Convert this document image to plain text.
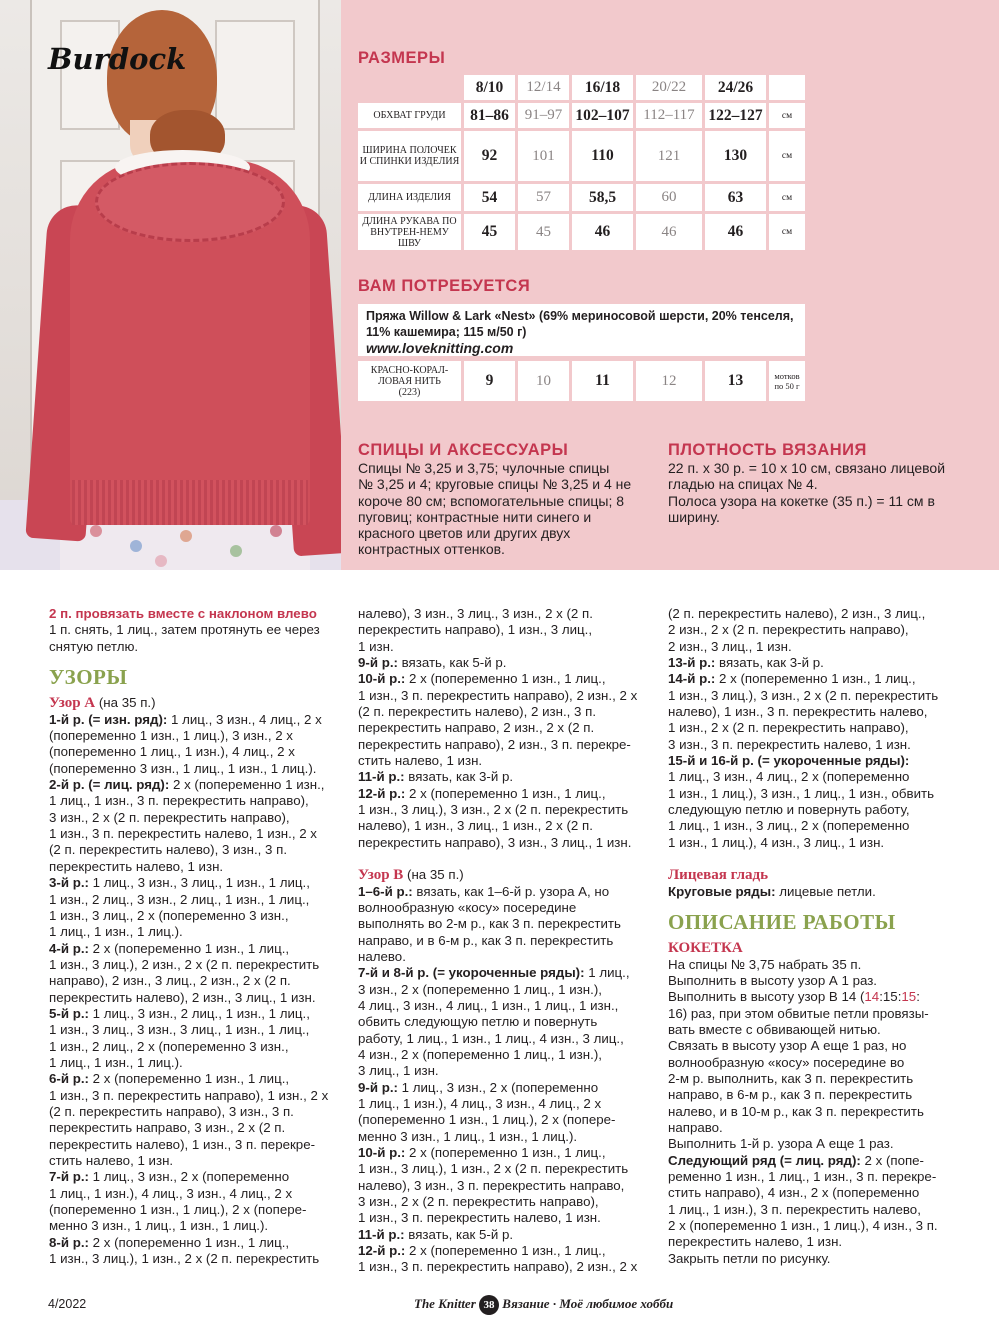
Burdock	РАЗМЕРЫ
	8/10	12/14	16/18	20/22	24/26	
ОБХВАТ ГРУДИ	81–86	91–97	102–107	112–117	122–127	см
ШИРИНА ПОЛОЧЕК И СПИНКИ ИЗДЕЛИЯ	92	101	110	121	130	см
ДЛИНА ИЗДЕЛИЯ	54	57	58,5	60	63	см
ДЛИНА РУКАВА ПО ВНУТРЕН-НЕМУ ШВУ	45	45	46	46	46	см
ВАМ ПОТРЕБУЕТСЯ
Пряжа Willow & Lark «Nest» (69% мериносовой шерсти, 20% тенселя,
11% кашемира; 115 м/50 г)
www.loveknitting.com
КРАСНО-КОРАЛ-ЛОВАЯ НИТЬ
(223)
	9	10	11	12	13	мотков по 50 г
СПИЦЫ И АКСЕССУАРЫ
Спицы № 3,25 и 3,75; чулочные спицы
№ 3,25 и 4; круговые спицы № 3,25 и 4 не
короче 80 см; вспомогательные спицы; 8
пуговиц; контрастные нити синего и
красного цветов или других двух
контрастных оттенков.
ПЛОТНОСТЬ ВЯЗАНИЯ
22 п. х 30 р. = 10 х 10 см, связано лицевой
гладью на спицах № 4.
Полоса узора на кокетке (35 п.) = 11 см в
ширину.

2 п. провязать вместе с наклоном влево

1 п. снять, 1 лиц., затем протянуть ее через

снятую петлю.

УЗОРЫ

Узор А (на 35 п.)

1-й р. (= изн. ряд): 1 лиц., 3 изн., 4 лиц., 2 х

(попеременно 1 изн., 1 лиц.), 3 изн., 2 х

(попеременно 1 лиц., 1 изн.), 4 лиц., 2 х

(попеременно 3 изн., 1 лиц., 1 изн., 1 лиц.).

2-й р. (= лиц. ряд): 2 х (попеременно 1 изн.,

1 лиц., 1 изн., 3 п. перекрестить направо),

3 изн., 2 х (2 п. перекрестить направо),

1 изн., 3 п. перекрестить налево, 1 изн., 2 х

(2 п. перекрестить налево), 3 изн., 3 п.

перекрестить налево, 1 изн.

3-й р.: 1 лиц., 3 изн., 3 лиц., 1 изн., 1 лиц.,

1 изн., 2 лиц., 3 изн., 2 лиц., 1 изн., 1 лиц.,

1 изн., 3 лиц., 2 х (попеременно 3 изн.,

1 лиц., 1 изн., 1 лиц.).

4-й р.: 2 х (попеременно 1 изн., 1 лиц.,

1 изн., 3 лиц.), 2 изн., 2 х (2 п. перекрестить

направо), 2 изн., 3 лиц., 2 изн., 2 х (2 п.

перекрестить налево), 2 изн., 3 лиц., 1 изн.

5-й р.: 1 лиц., 3 изн., 2 лиц., 1 изн., 1 лиц.,

1 изн., 3 лиц., 3 изн., 3 лиц., 1 изн., 1 лиц.,

1 изн., 2 лиц., 2 х (попеременно 3 изн.,

1 лиц., 1 изн., 1 лиц.).

6-й р.: 2 х (попеременно 1 изн., 1 лиц.,

1 изн., 3 п. перекрестить направо), 1 изн., 2 х

(2 п. перекрестить направо), 3 изн., 3 п.

перекрестить направо, 3 изн., 2 х (2 п.

перекрестить налево), 1 изн., 3 п. перекре-

стить налево, 1 изн.

7-й р.: 1 лиц., 3 изн., 2 х (попеременно

1 лиц., 1 изн.), 4 лиц., 3 изн., 4 лиц., 2 х

(попеременно 1 изн., 1 лиц.), 2 х (попере-

менно 3 изн., 1 лиц., 1 изн., 1 лиц.).

8-й р.: 2 х (попеременно 1 изн., 1 лиц.,

1 изн., 3 лиц.), 1 изн., 2 х (2 п. перекрестить

налево), 3 изн., 3 лиц., 3 изн., 2 х (2 п.

перекрестить направо), 1 изн., 3 лиц.,

1 изн.

9-й р.: вязать, как 5-й р.

10-й р.: 2 х (попеременно 1 изн., 1 лиц.,

1 изн., 3 п. перекрестить направо), 2 изн., 2 х

(2 п. перекрестить налево), 2 изн., 3 п.

перекрестить направо, 2 изн., 2 х (2 п.

перекрестить направо), 2 изн., 3 п. перекре-

стить налево, 1 изн.

11-й р.: вязать, как 3-й р.

12-й р.: 2 х (попеременно 1 изн., 1 лиц.,

1 изн., 3 лиц.), 3 изн., 2 х (2 п. перекрестить

налево), 1 изн., 3 лиц., 1 изн., 2 х (2 п.

перекрестить направо), 3 изн., 3 лиц., 1 изн.

Узор В (на 35 п.)

1–6-й р.: вязать, как 1–6-й р. узора А, но

волнообразную «косу» посередине

выполнять во 2-м р., как 3 п. перекрестить

направо, и в 6-м р., как 3 п. перекрестить

налево.

7-й и 8-й р. (= укороченные ряды): 1 лиц.,

3 изн., 2 х (попеременно 1 лиц., 1 изн.),

4 лиц., 3 изн., 4 лиц., 1 изн., 1 лиц., 1 изн.,

обвить следующую петлю и повернуть

работу, 1 лиц., 1 изн., 1 лиц., 4 изн., 3 лиц.,

4 изн., 2 х (попеременно 1 лиц., 1 изн.),

3 лиц., 1 изн.

9-й р.: 1 лиц., 3 изн., 2 х (попеременно

1 лиц., 1 изн.), 4 лиц., 3 изн., 4 лиц., 2 х

(попеременно 1 изн., 1 лиц.), 2 х (попере-

менно 3 изн., 1 лиц., 1 изн., 1 лиц.).

10-й р.: 2 х (попеременно 1 изн., 1 лиц.,

1 изн., 3 лиц.), 1 изн., 2 х (2 п. перекрестить

налево), 3 изн., 3 п. перекрестить направо,

3 изн., 2 х (2 п. перекрестить направо),

1 изн., 3 п. перекрестить налево, 1 изн.

11-й р.: вязать, как 5-й р.

12-й р.: 2 х (попеременно 1 изн., 1 лиц.,

1 изн., 3 п. перекрестить направо), 2 изн., 2 х

(2 п. перекрестить налево), 2 изн., 3 лиц.,

2 изн., 2 х (2 п. перекрестить направо),

2 изн., 3 лиц., 1 изн.

13-й р.: вязать, как 3-й р.

14-й р.: 2 х (попеременно 1 изн., 1 лиц.,

1 изн., 3 лиц.), 3 изн., 2 х (2 п. перекрестить

налево), 1 изн., 3 п. перекрестить налево,

1 изн., 2 х (2 п. перекрестить направо),

3 изн., 3 п. перекрестить налево, 1 изн.

15-й и 16-й р. (= укороченные ряды):

1 лиц., 3 изн., 4 лиц., 2 х (попеременно

1 изн., 1 лиц.), 3 изн., 1 лиц., 1 изн., обвить

следующую петлю и повернуть работу,

1 лиц., 1 изн., 3 лиц., 2 х (попеременно

1 изн., 1 лиц.), 4 изн., 3 лиц., 1 изн.

Лицевая гладь

Круговые ряды: лицевые петли.

ОПИСАНИЕ РАБОТЫ

КОКЕТКА

На спицы № 3,75 набрать 35 п.

Выполнить в высоту узор А 1 раз.

Выполнить в высоту узор В 14 (14:15:15:

16) раз, при этом обвитые петли провязы-

вать вместе с обвивающей нитью.

Связать в высоту узор А еще 1 раз, но

волнообразную «косу» посередине во

2-м р. выполнить, как 3 п. перекрестить

направо, в 6-м р., как 3 п. перекрестить

налево, и в 10-м р., как 3 п. перекрестить

направо.

Выполнить 1-й р. узора А еще 1 раз.

Следующий ряд (= лиц. ряд): 2 х (попе-

ременно 1 изн., 1 лиц., 1 изн., 3 п. перекре-

стить направо), 4 изн., 2 х (попеременно

1 лиц., 1 изн.), 3 п. перекрестить налево,

2 х (попеременно 1 изн., 1 лиц.), 4 изн., 3 п.

перекрестить налево, 1 изн.

Закрыть петли по рисунку.

4/2022	The Knitter 38 Вязание · Моё любимое хобби
